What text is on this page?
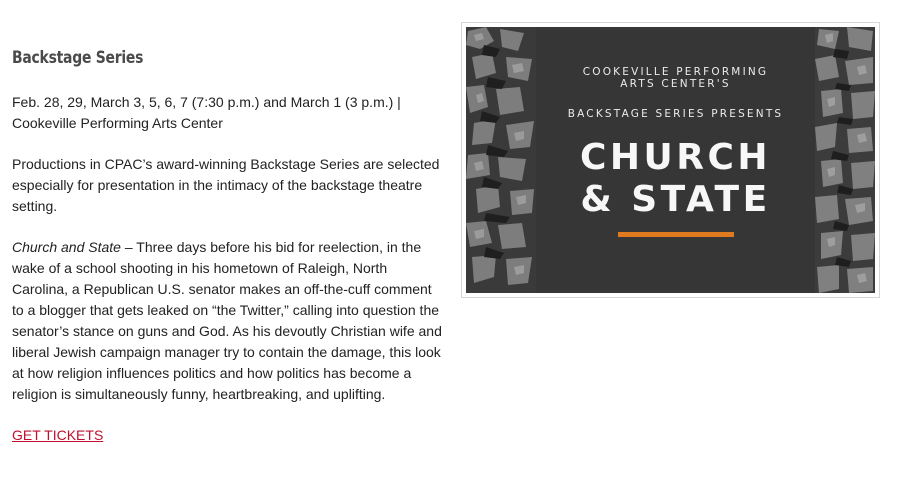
Backstage Series

Feb. 28, 29, March 3, 5, 6, 7 (7:30 p.m.) and March 1 (3 p.m.) |
Cookeville Performing Arts Center

Productions in CPAC’s award-winning Backstage Series are selected especially for presentation in the intimacy of the backstage theatre setting.

Church and State – Three days before his bid for reelection, in the wake of a school shooting in his hometown of Raleigh, North Carolina, a Republican U.S. senator makes an off-the-cuff comment to a blogger that gets leaked on “the Twitter,” calling into question the senator’s stance on guns and God. As his devoutly Christian wife and liberal Jewish campaign manager try to contain the damage, this look at how religion influences politics and how politics has become a religion is simultaneously funny, heartbreaking, and uplifting.

GET TICKETS
COOKEVILLE PERFORMING
ARTS CENTER'S
BACKSTAGE SERIES PRESENTS
CHURCH
& STATE
